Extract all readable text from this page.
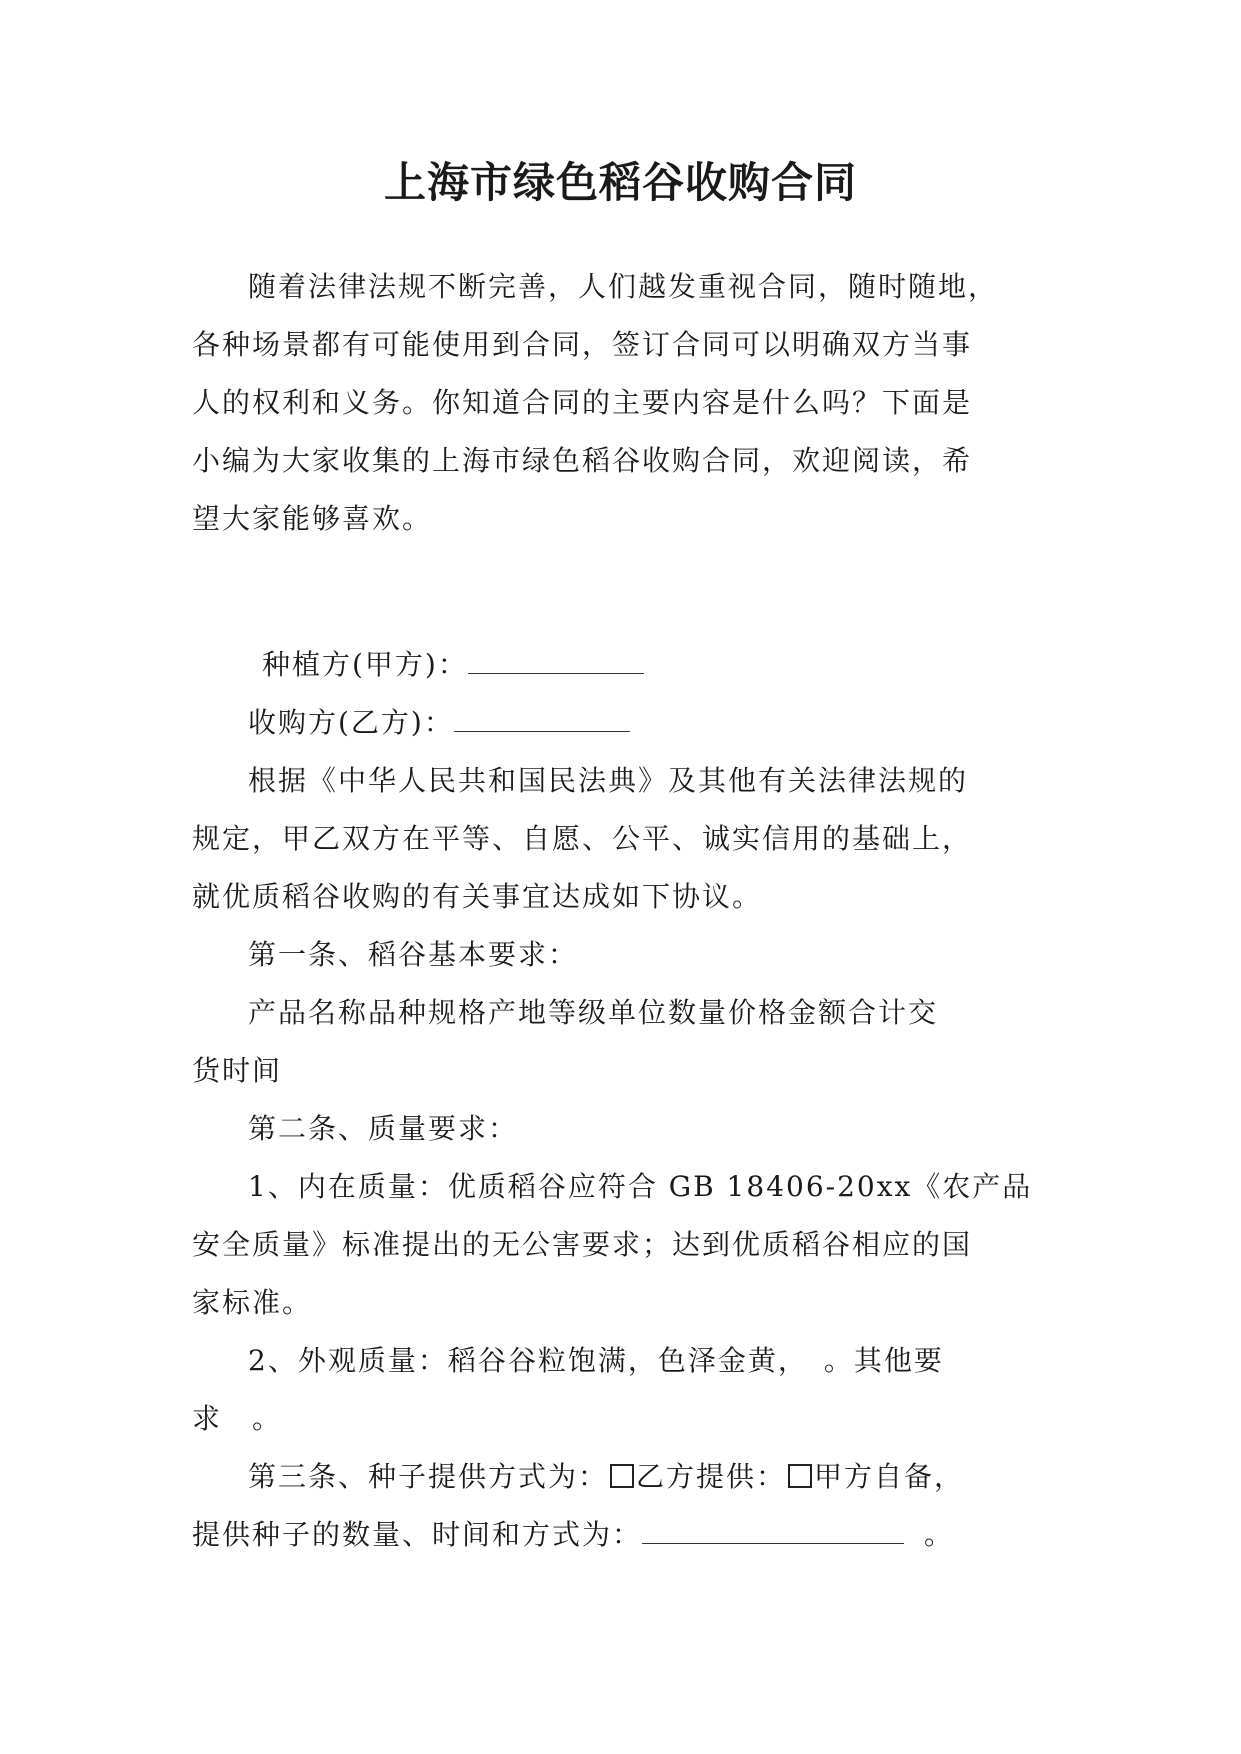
上海市绿色稻谷收购合同

随着法律法规不断完善，人们越发重视合同，随时随地，

各种场景都有可能使用到合同，签订合同可以明确双方当事

人的权利和义务。你知道合同的主要内容是什么吗？下面是

小编为大家收集的上海市绿色稻谷收购合同，欢迎阅读，希

望大家能够喜欢。

种植方(甲方)：

收购方(乙方)：

根据《中华人民共和国民法典》及其他有关法律法规的

规定，甲乙双方在平等、自愿、公平、诚实信用的基础上，

就优质稻谷收购的有关事宜达成如下协议。

第一条、稻谷基本要求：

产品名称品种规格产地等级单位数量价格金额合计交

货时间

第二条、质量要求：

1、内在质量：优质稻谷应符合 GB 18406-20xx《农产品

安全质量》标准提出的无公害要求；达到优质稻谷相应的国

家标准。

2、外观质量：稻谷谷粒饱满，色泽金黄，　。其他要

求　。

第三条、种子提供方式为： 乙方提供： 甲方自备，

提供种子的数量、时间和方式为：	。
